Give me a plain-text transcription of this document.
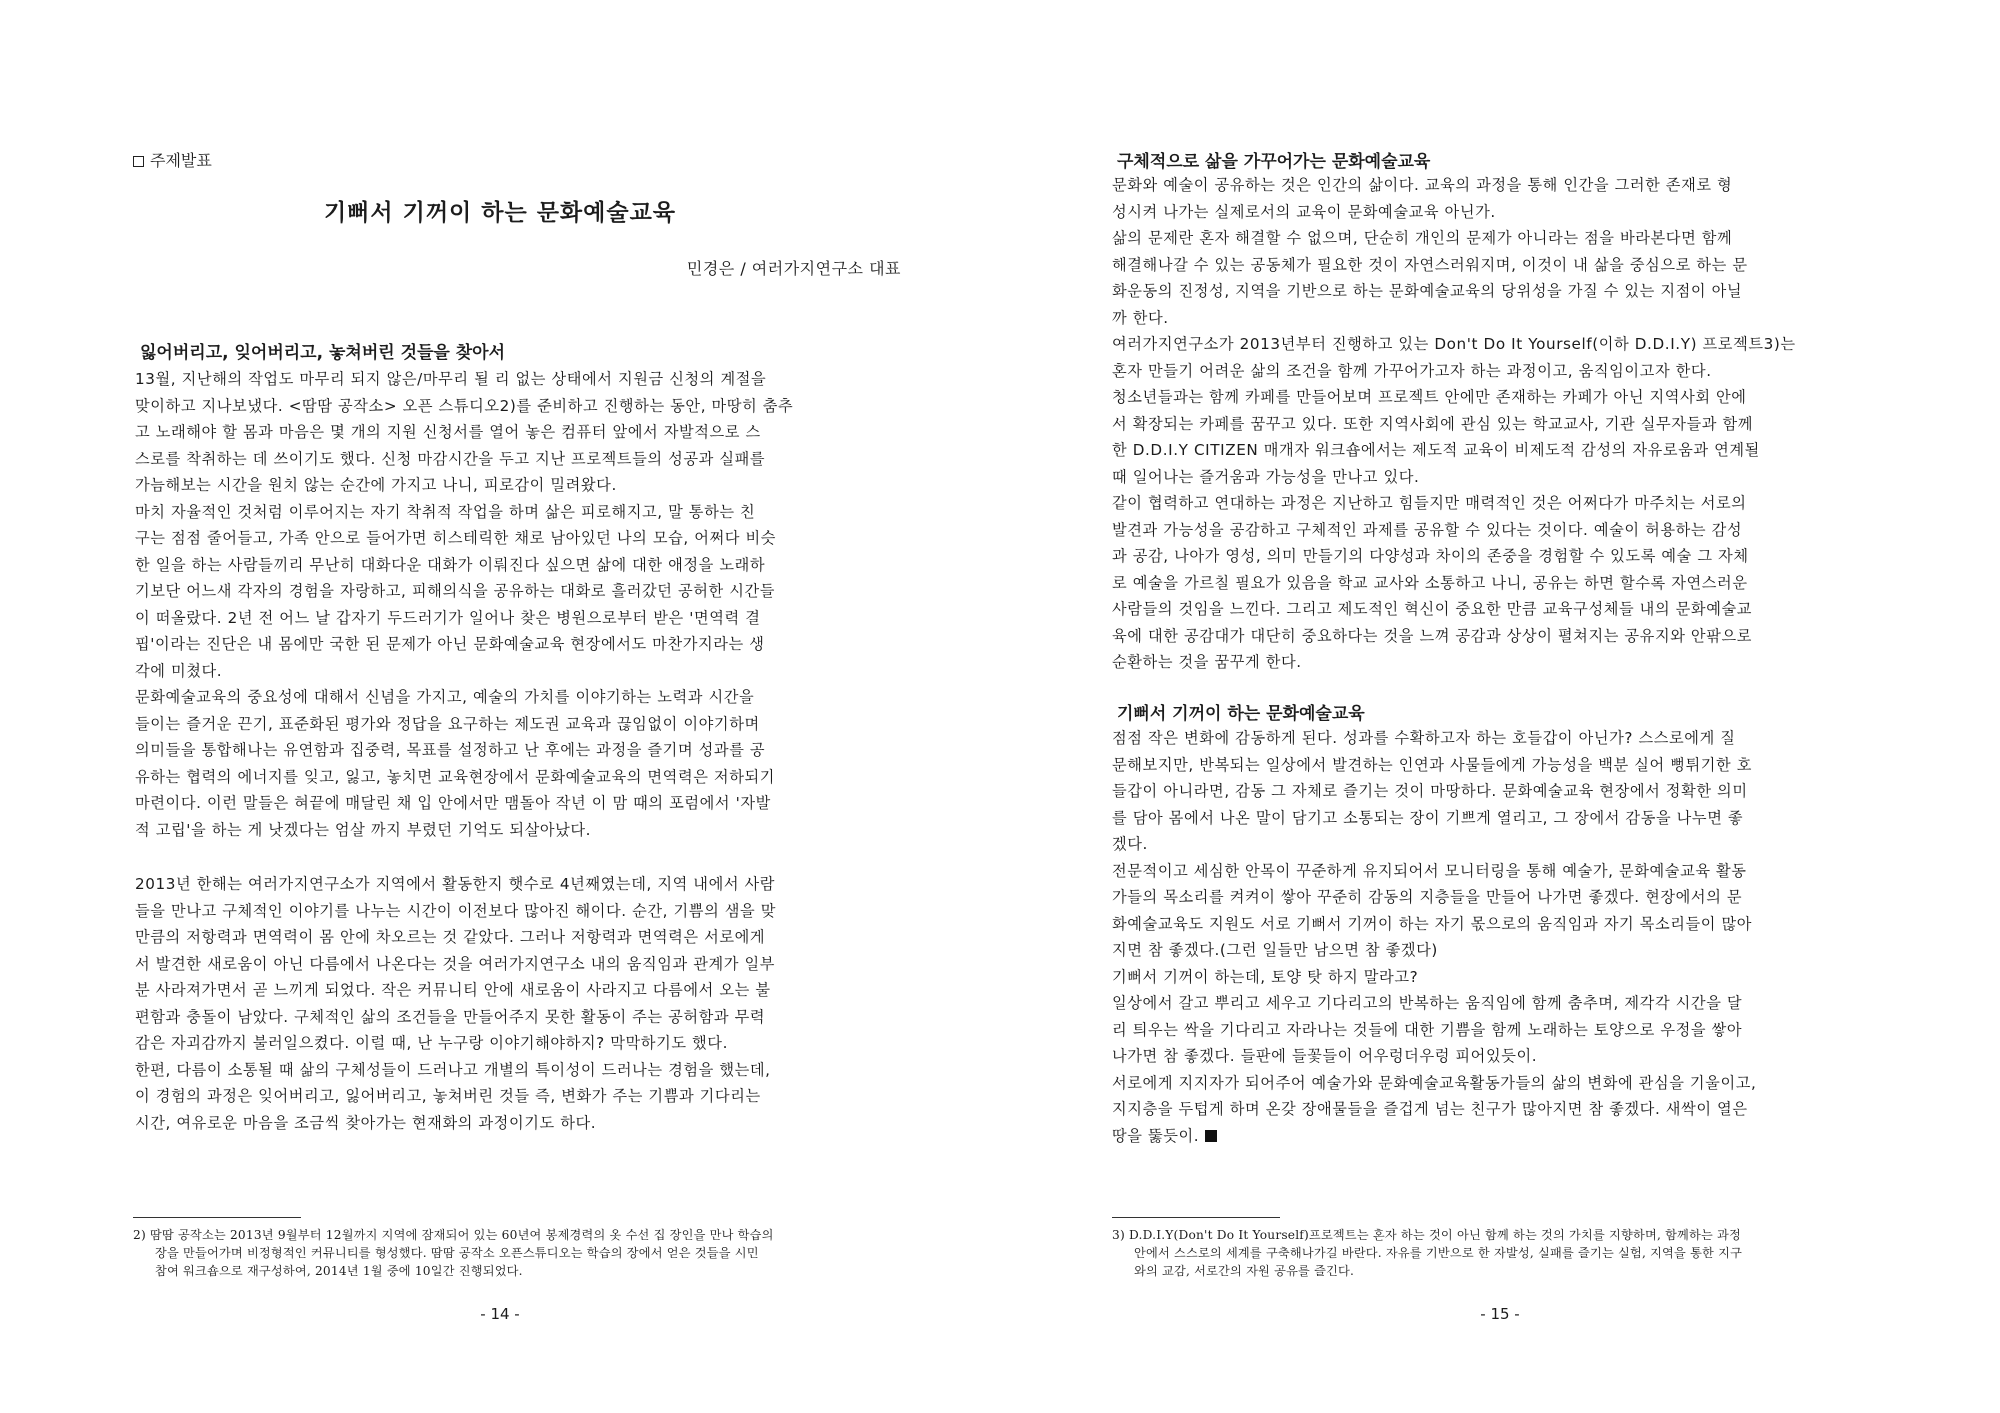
주제발표
기뻐서 기꺼이 하는 문화예술교육
민경은 / 여러가지연구소 대표
잃어버리고, 잊어버리고, 놓쳐버린 것들을 찾아서

13월, 지난해의 작업도 마무리 되지 않은/마무리 될 리 없는 상태에서 지원금 신청의 계절을

맞이하고 지나보냈다. <땀땀 공작소> 오픈 스튜디오2)를 준비하고 진행하는 동안, 마땅히 춤추

고 노래해야 할 몸과 마음은 몇 개의 지원 신청서를 열어 놓은 컴퓨터 앞에서 자발적으로 스

스로를 착취하는 데 쓰이기도 했다. 신청 마감시간을 두고 지난 프로젝트들의 성공과 실패를

가늠해보는 시간을 원치 않는 순간에 가지고 나니, 피로감이 밀려왔다.

마치 자율적인 것처럼 이루어지는 자기 착취적 작업을 하며 삶은 피로해지고, 말 통하는 친

구는 점점 줄어들고, 가족 안으로 들어가면 히스테릭한 채로 남아있던 나의 모습, 어쩌다 비슷

한 일을 하는 사람들끼리 무난히 대화다운 대화가 이뤄진다 싶으면 삶에 대한 애정을 노래하

기보단 어느새 각자의 경험을 자랑하고, 피해의식을 공유하는 대화로 흘러갔던 공허한 시간들

이 떠올랐다. 2년 전 어느 날 갑자기 두드러기가 일어나 찾은 병원으로부터 받은 '면역력 결

핍'이라는 진단은 내 몸에만 국한 된 문제가 아닌 문화예술교육 현장에서도 마찬가지라는 생

각에 미쳤다.

문화예술교육의 중요성에 대해서 신념을 가지고, 예술의 가치를 이야기하는 노력과 시간을

들이는 즐거운 끈기, 표준화된 평가와 정답을 요구하는 제도권 교육과 끊임없이 이야기하며

의미들을 통합해나는 유연함과 집중력, 목표를 설정하고 난 후에는 과정을 즐기며 성과를 공

유하는 협력의 에너지를 잊고, 잃고, 놓치면 교육현장에서 문화예술교육의 면역력은 저하되기

마련이다. 이런 말들은 혀끝에 매달린 채 입 안에서만 맴돌아 작년 이 맘 때의 포럼에서 '자발

적 고립'을 하는 게 낫겠다는 엄살 까지 부렸던 기억도 되살아났다.

2013년 한해는 여러가지연구소가 지역에서 활동한지 햇수로 4년째였는데, 지역 내에서 사람

들을 만나고 구체적인 이야기를 나누는 시간이 이전보다 많아진 해이다. 순간, 기쁨의 샘을 맞

만큼의 저항력과 면역력이 몸 안에 차오르는 것 같았다. 그러나 저항력과 면역력은 서로에게

서 발견한 새로움이 아닌 다름에서 나온다는 것을 여러가지연구소 내의 움직임과 관계가 일부

분 사라져가면서 곧 느끼게 되었다. 작은 커뮤니티 안에 새로움이 사라지고 다름에서 오는 불

편함과 충돌이 남았다. 구체적인 삶의 조건들을 만들어주지 못한 활동이 주는 공허함과 무력

감은 자괴감까지 불러일으켰다. 이럴 때, 난 누구랑 이야기해야하지? 막막하기도 했다.

한편, 다름이 소통될 때 삶의 구체성들이 드러나고 개별의 특이성이 드러나는 경험을 했는데,

이 경험의 과정은 잊어버리고, 잃어버리고, 놓쳐버린 것들 즉, 변화가 주는 기쁨과 기다리는

시간, 여유로운 마음을 조금씩 찾아가는 현재화의 과정이기도 하다.

2) 땀땀 공작소는 2013년 9월부터 12월까지 지역에 잠재되어 있는 60년여 봉제경력의 옷 수선 집 장인을 만나 학습의

장을 만들어가며 비정형적인 커뮤니티를 형성했다. 땀땀 공작소 오픈스튜디오는 학습의 장에서 얻은 것들을 시민

참여 워크숍으로 재구성하여, 2014년 1월 중에 10일간 진행되었다.

- 14 -
구체적으로 삶을 가꾸어가는 문화예술교육

문화와 예술이 공유하는 것은 인간의 삶이다. 교육의 과정을 통해 인간을 그러한 존재로 형

성시켜 나가는 실제로서의 교육이 문화예술교육 아닌가.

삶의 문제란 혼자 해결할 수 없으며, 단순히 개인의 문제가 아니라는 점을 바라본다면 함께

해결해나갈 수 있는 공동체가 필요한 것이 자연스러워지며, 이것이 내 삶을 중심으로 하는 문

화운동의 진정성, 지역을 기반으로 하는 문화예술교육의 당위성을 가질 수 있는 지점이 아닐

까 한다.

여러가지연구소가 2013년부터 진행하고 있는 Don't Do It Yourself(이하 D.D.I.Y) 프로젝트3)는

혼자 만들기 어려운 삶의 조건을 함께 가꾸어가고자 하는 과정이고, 움직임이고자 한다.

청소년들과는 함께 카페를 만들어보며 프로젝트 안에만 존재하는 카페가 아닌 지역사회 안에

서 확장되는 카페를 꿈꾸고 있다. 또한 지역사회에 관심 있는 학교교사, 기관 실무자들과 함께

한 D.D.I.Y CITIZEN 매개자 워크숍에서는 제도적 교육이 비제도적 감성의 자유로움과 연계될

때 일어나는 즐거움과 가능성을 만나고 있다.

같이 협력하고 연대하는 과정은 지난하고 힘들지만 매력적인 것은 어쩌다가 마주치는 서로의

발견과 가능성을 공감하고 구체적인 과제를 공유할 수 있다는 것이다. 예술이 허용하는 감성

과 공감, 나아가 영성, 의미 만들기의 다양성과 차이의 존중을 경험할 수 있도록 예술 그 자체

로 예술을 가르칠 필요가 있음을 학교 교사와 소통하고 나니, 공유는 하면 할수록 자연스러운

사람들의 것임을 느낀다. 그리고 제도적인 혁신이 중요한 만큼 교육구성체들 내의 문화예술교

육에 대한 공감대가 대단히 중요하다는 것을 느껴 공감과 상상이 펼쳐지는 공유지와 안팎으로

순환하는 것을 꿈꾸게 한다.

기뻐서 기꺼이 하는 문화예술교육

점점 작은 변화에 감동하게 된다. 성과를 수확하고자 하는 호들갑이 아닌가? 스스로에게 질

문해보지만, 반복되는 일상에서 발견하는 인연과 사물들에게 가능성을 백분 실어 뻥튀기한 호

들갑이 아니라면, 감동 그 자체로 즐기는 것이 마땅하다. 문화예술교육 현장에서 정확한 의미

를 담아 몸에서 나온 말이 담기고 소통되는 장이 기쁘게 열리고, 그 장에서 감동을 나누면 좋

겠다.

전문적이고 세심한 안목이 꾸준하게 유지되어서 모니터링을 통해 예술가, 문화예술교육 활동

가들의 목소리를 켜켜이 쌓아 꾸준히 감동의 지층들을 만들어 나가면 좋겠다. 현장에서의 문

화예술교육도 지원도 서로 기뻐서 기꺼이 하는 자기 몫으로의 움직임과 자기 목소리들이 많아

지면 참 좋겠다.(그런 일들만 남으면 참 좋겠다)

기뻐서 기꺼이 하는데, 토양 탓 하지 말라고?

일상에서 갈고 뿌리고 세우고 기다리고의 반복하는 움직임에 함께 춤추며, 제각각 시간을 달

리 틔우는 싹을 기다리고 자라나는 것들에 대한 기쁨을 함께 노래하는 토양으로 우정을 쌓아

나가면 참 좋겠다. 들판에 들꽃들이 어우렁더우렁 피어있듯이.

서로에게 지지자가 되어주어 예술가와 문화예술교육활동가들의 삶의 변화에 관심을 기울이고,

지지층을 두텁게 하며 온갖 장애물들을 즐겁게 넘는 친구가 많아지면 참 좋겠다. 새싹이 열은

땅을 뚫듯이.

3) D.D.I.Y(Don't Do It Yourself)프로젝트는 혼자 하는 것이 아닌 함께 하는 것의 가치를 지향하며, 함께하는 과정

안에서 스스로의 세계를 구축해나가길 바란다. 자유를 기반으로 한 자발성, 실패를 즐기는 실험, 지역을 통한 지구

와의 교감, 서로간의 자원 공유를 즐긴다.

- 15 -
